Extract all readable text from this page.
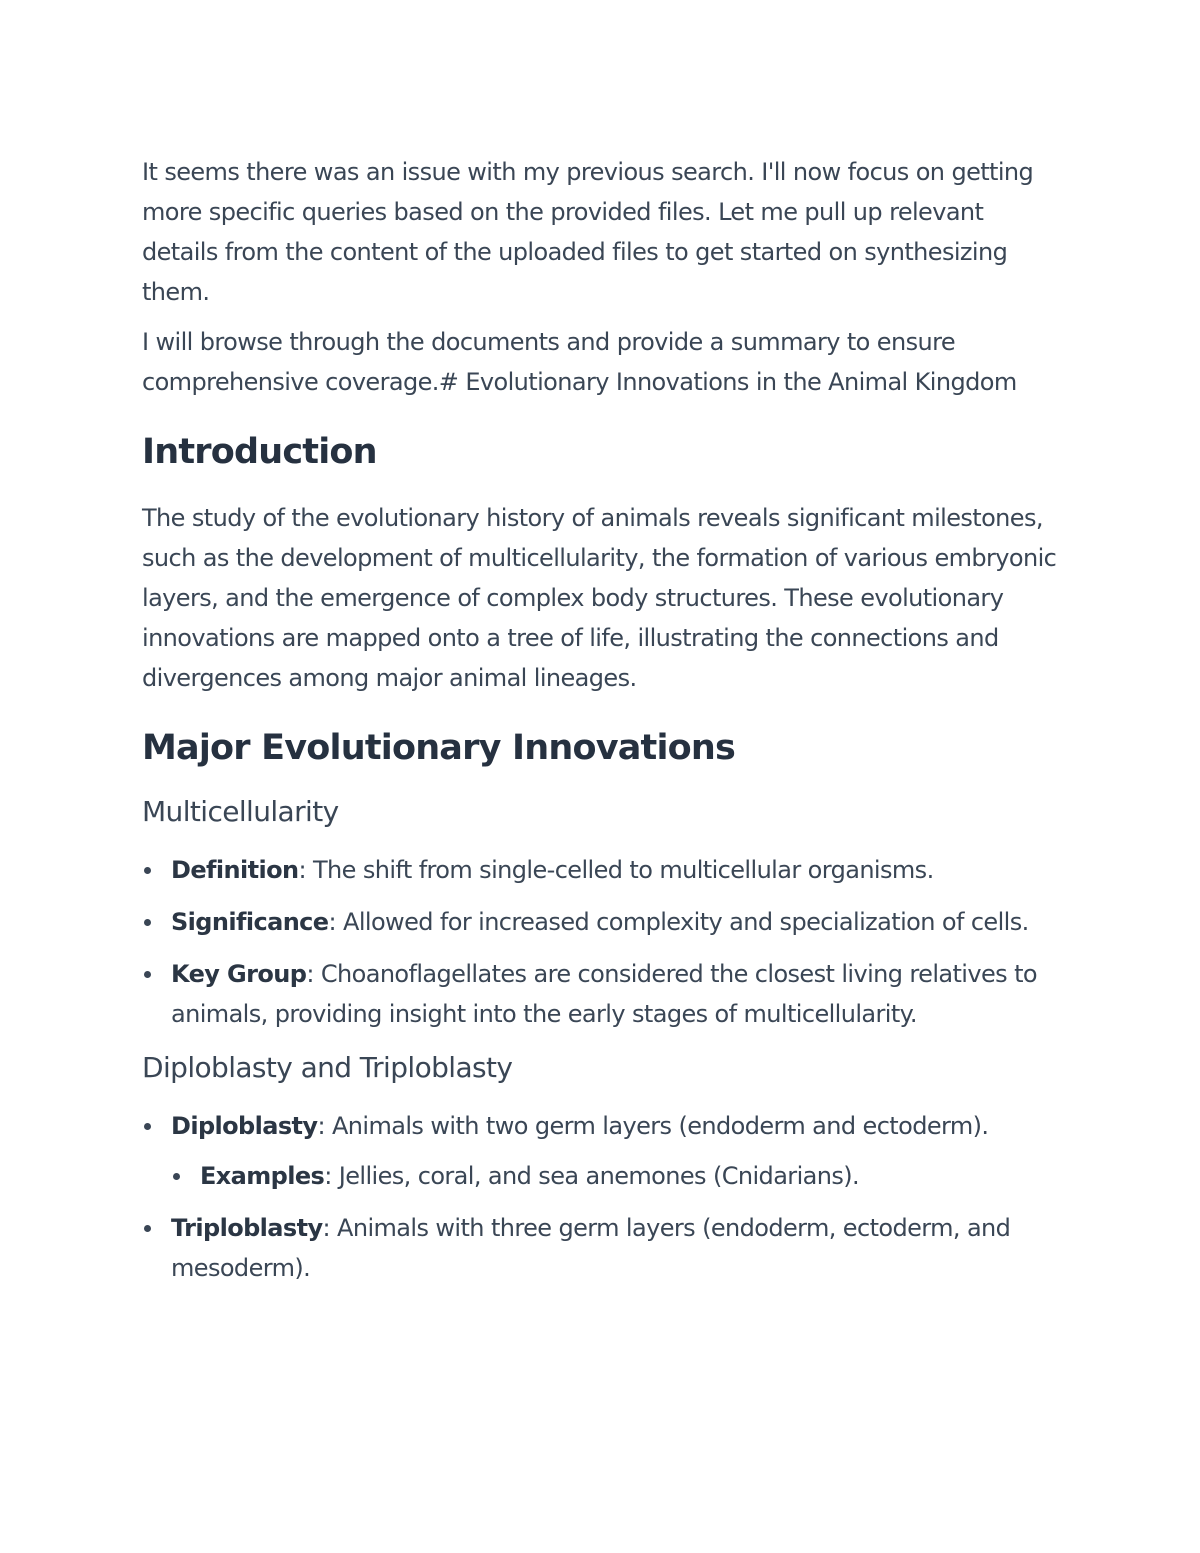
It seems there was an issue with my previous search. I'll now focus on getting more specific queries based on the provided files. Let me pull up relevant details from the content of the uploaded files to get started on synthesizing them.

I will browse through the documents and provide a summary to ensure comprehensive coverage.# Evolutionary Innovations in the Animal Kingdom

Introduction

The study of the evolutionary history of animals reveals significant milestones, such as the development of multicellularity, the formation of various embryonic layers, and the emergence of complex body structures. These evolutionary innovations are mapped onto a tree of life, illustrating the connections and divergences among major animal lineages.

Major Evolutionary Innovations
Multicellularity
Definition: The shift from single-celled to multicellular organisms.
Significance: Allowed for increased complexity and specialization of cells.
Key Group: Choanoflagellates are considered the closest living relatives to animals, providing insight into the early stages of multicellularity.
Diploblasty and Triploblasty
Diploblasty: Animals with two germ layers (endoderm and ectoderm).
Examples: Jellies, coral, and sea anemones (Cnidarians).
Triploblasty: Animals with three germ layers (endoderm, ectoderm, and mesoderm).
